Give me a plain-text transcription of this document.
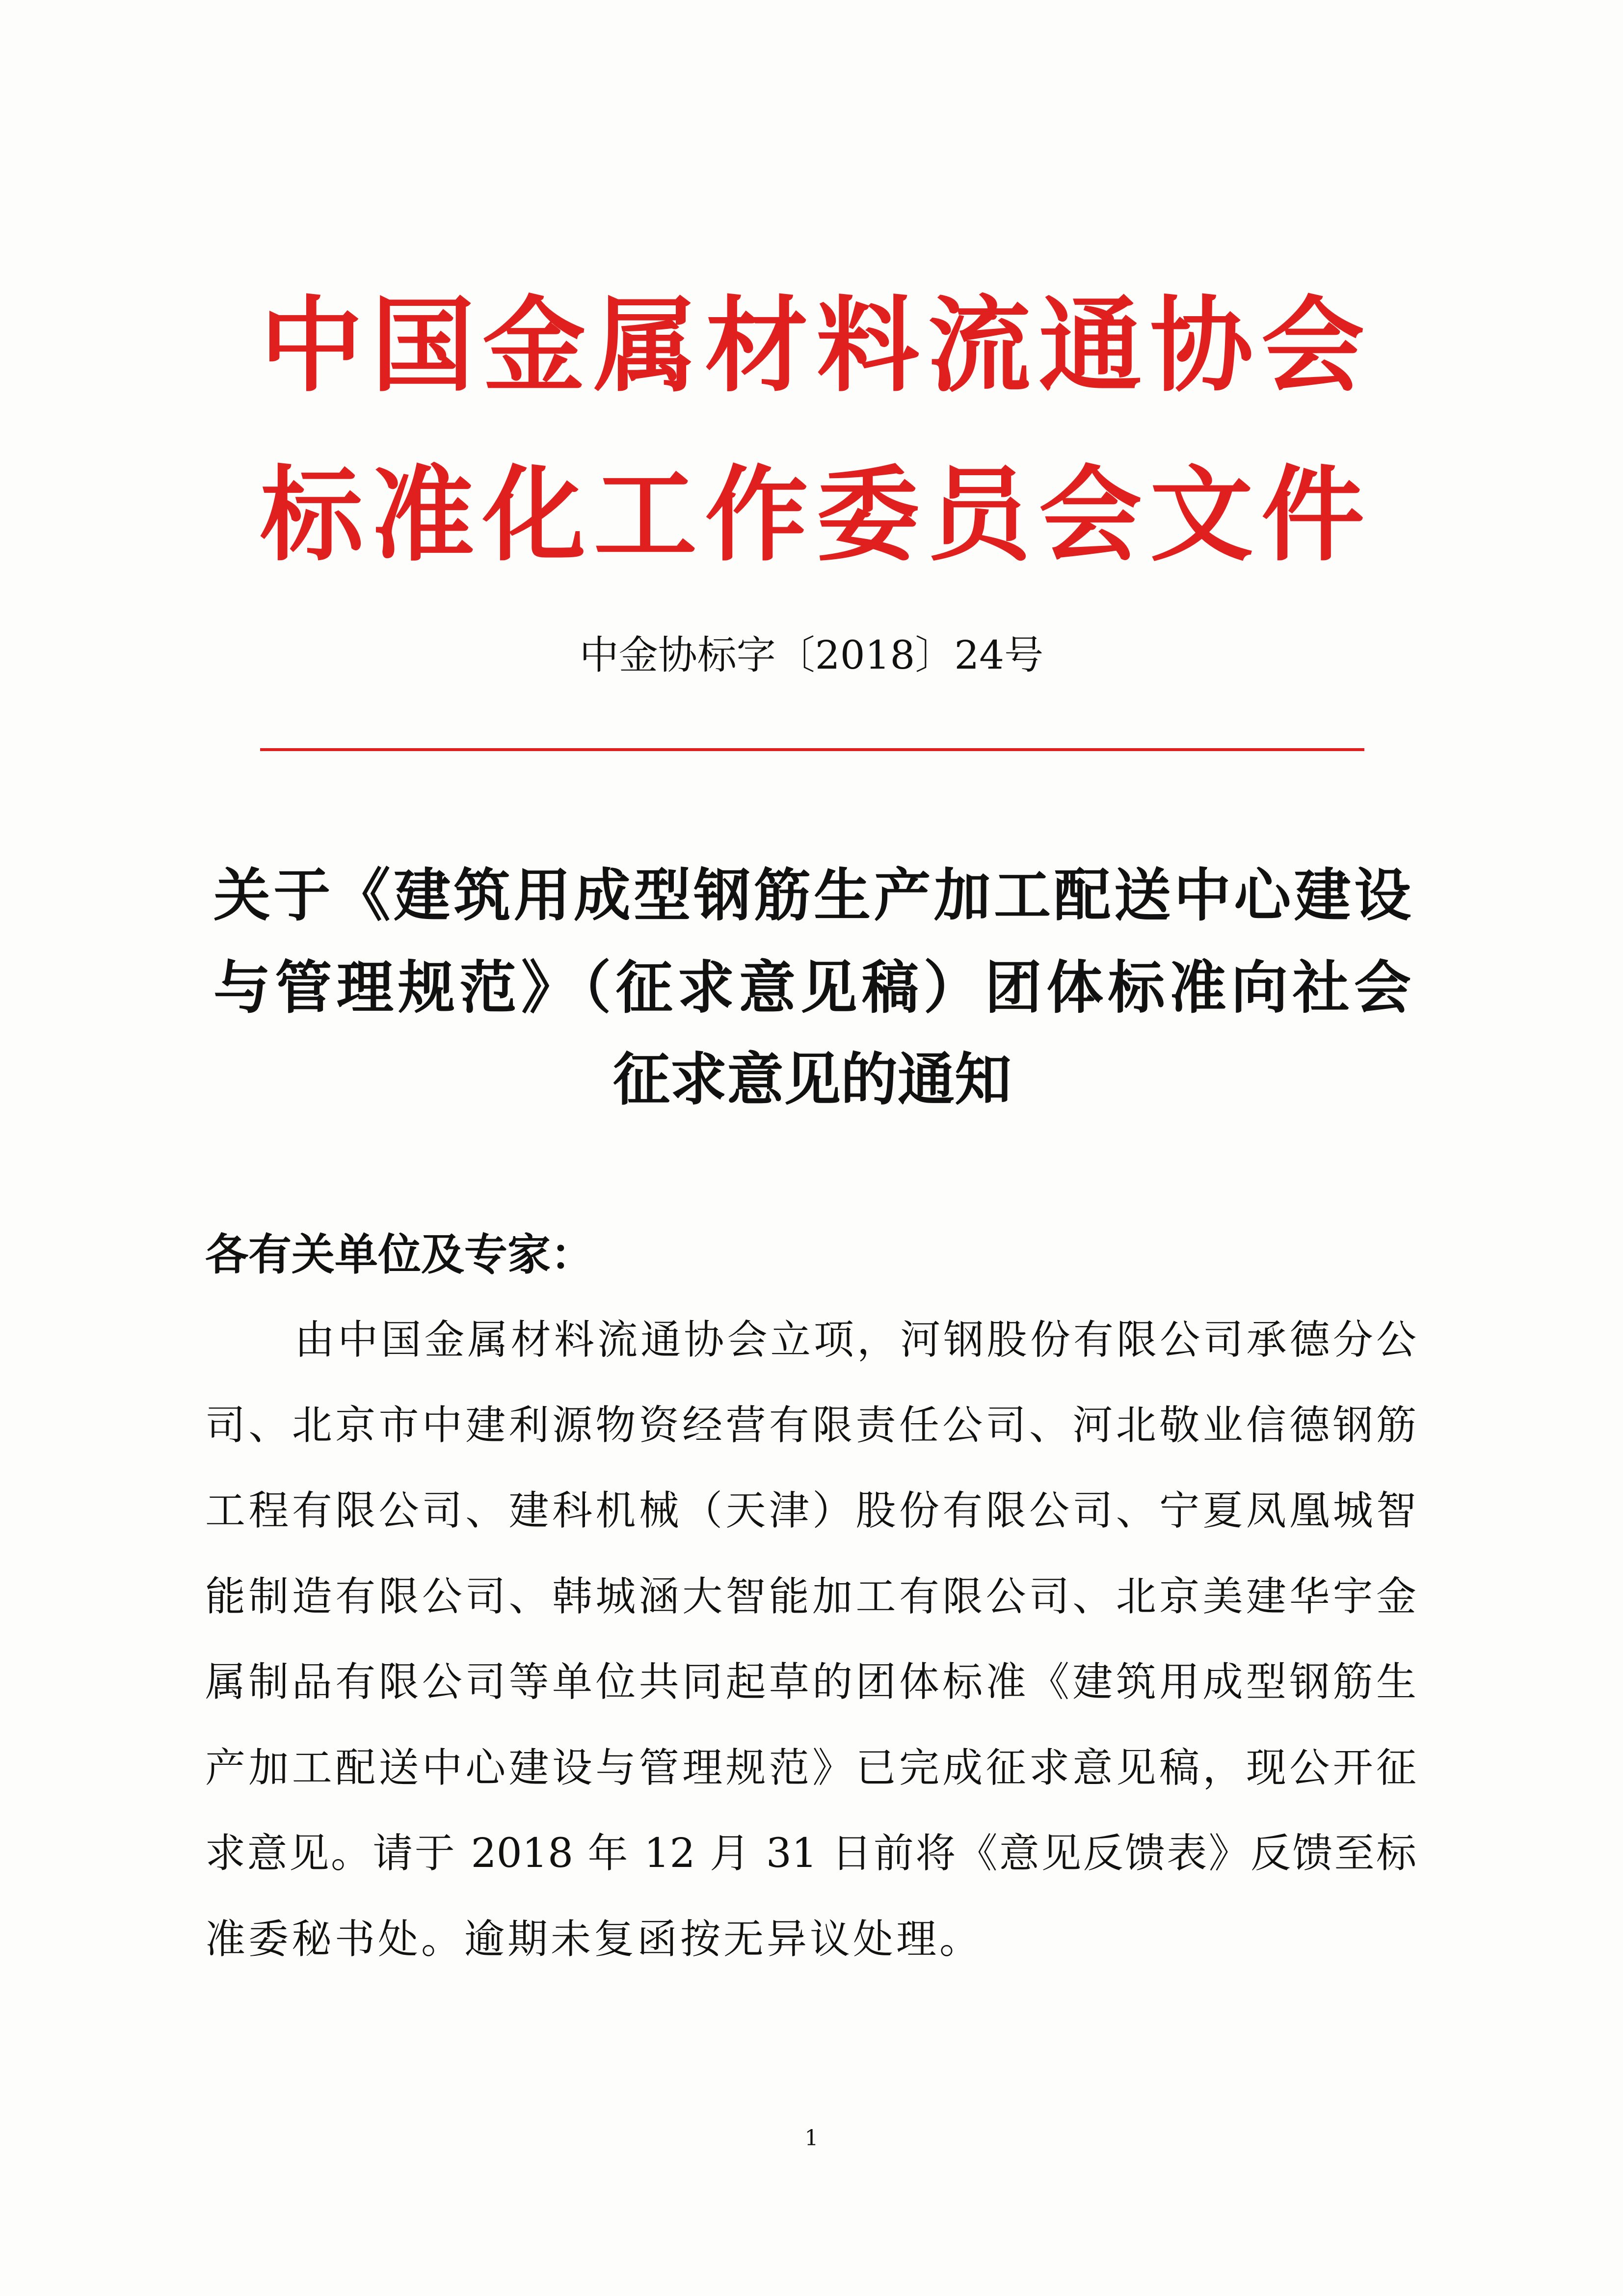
中国金属材料流通协会
标准化工作委员会文件
中金协标字〔2018〕24号
关于《建筑用成型钢筋生产加工配送中心建设
与管理规范》（征求意见稿）团体标准向社会
征求意见的通知
各有关单位及专家：
由中国金属材料流通协会立项，河钢股份有限公司承德分公
司、北京市中建利源物资经营有限责任公司、河北敬业信德钢筋
工程有限公司、建科机械（天津）股份有限公司、宁夏凤凰城智
能制造有限公司、韩城涵大智能加工有限公司、北京美建华宇金
属制品有限公司等单位共同起草的团体标准《建筑用成型钢筋生
产加工配送中心建设与管理规范》已完成征求意见稿，现公开征
求意见。请于 2018 年 12 月 31 日前将《意见反馈表》反馈至标
准委秘书处。逾期未复函按无异议处理。
1
